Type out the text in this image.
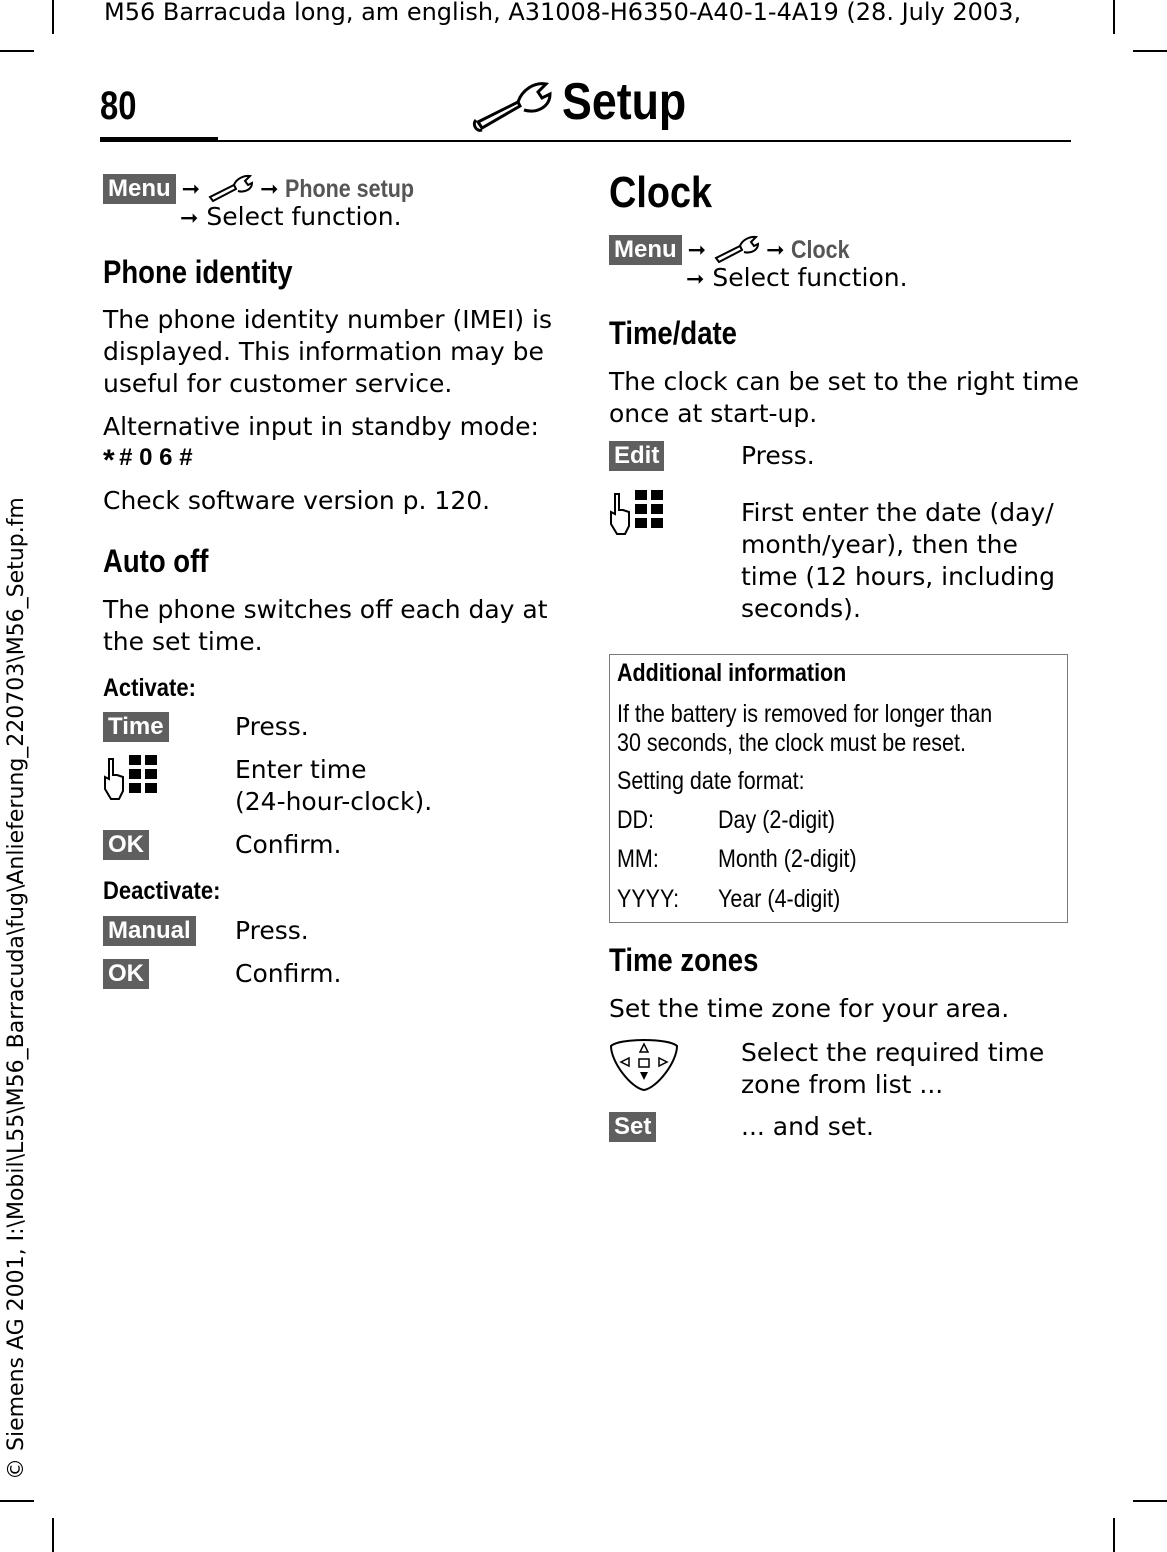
M56 Barracuda long, am english, A31008-H6350-A40-1-4A19 (28. July 2003,
© Siemens AG 2001, I:\Mobil\L55\M56_Barracuda\fug\Anlieferung_220703\M56_Setup.fm
80	Setup
Menu ➞	➞ Phone setup
➞ Select function.
Phone identity
The phone identity number (IMEI) is
displayed. This information may be
useful for customer service.
Alternative input in standby mode:
* # 0 6 #
Check software version p. 120.
Auto off
The phone switches off each day at
the set time.
Activate:
Time	Press.
Enter time
(24-hour-clock).
OK	Confirm.
Deactivate:
Manual Press.
OK	Confirm.
Clock
Menu ➞	➞ Clock
➞ Select function.
Time/date
The clock can be set to the right time
once at start-up.
Edit	Press.
First enter the date (day/
month/year), then the
time (12 hours, including
seconds).
Additional information
If the battery is removed for longer than
30 seconds, the clock must be reset.
Setting date format:
DD:	Day (2-digit)
MM: Month (2-digit)
YYYY: Year (4-digit)
Time zones
Set the time zone for your area.
Select the required time
zone from list ...
Set	... and set.
